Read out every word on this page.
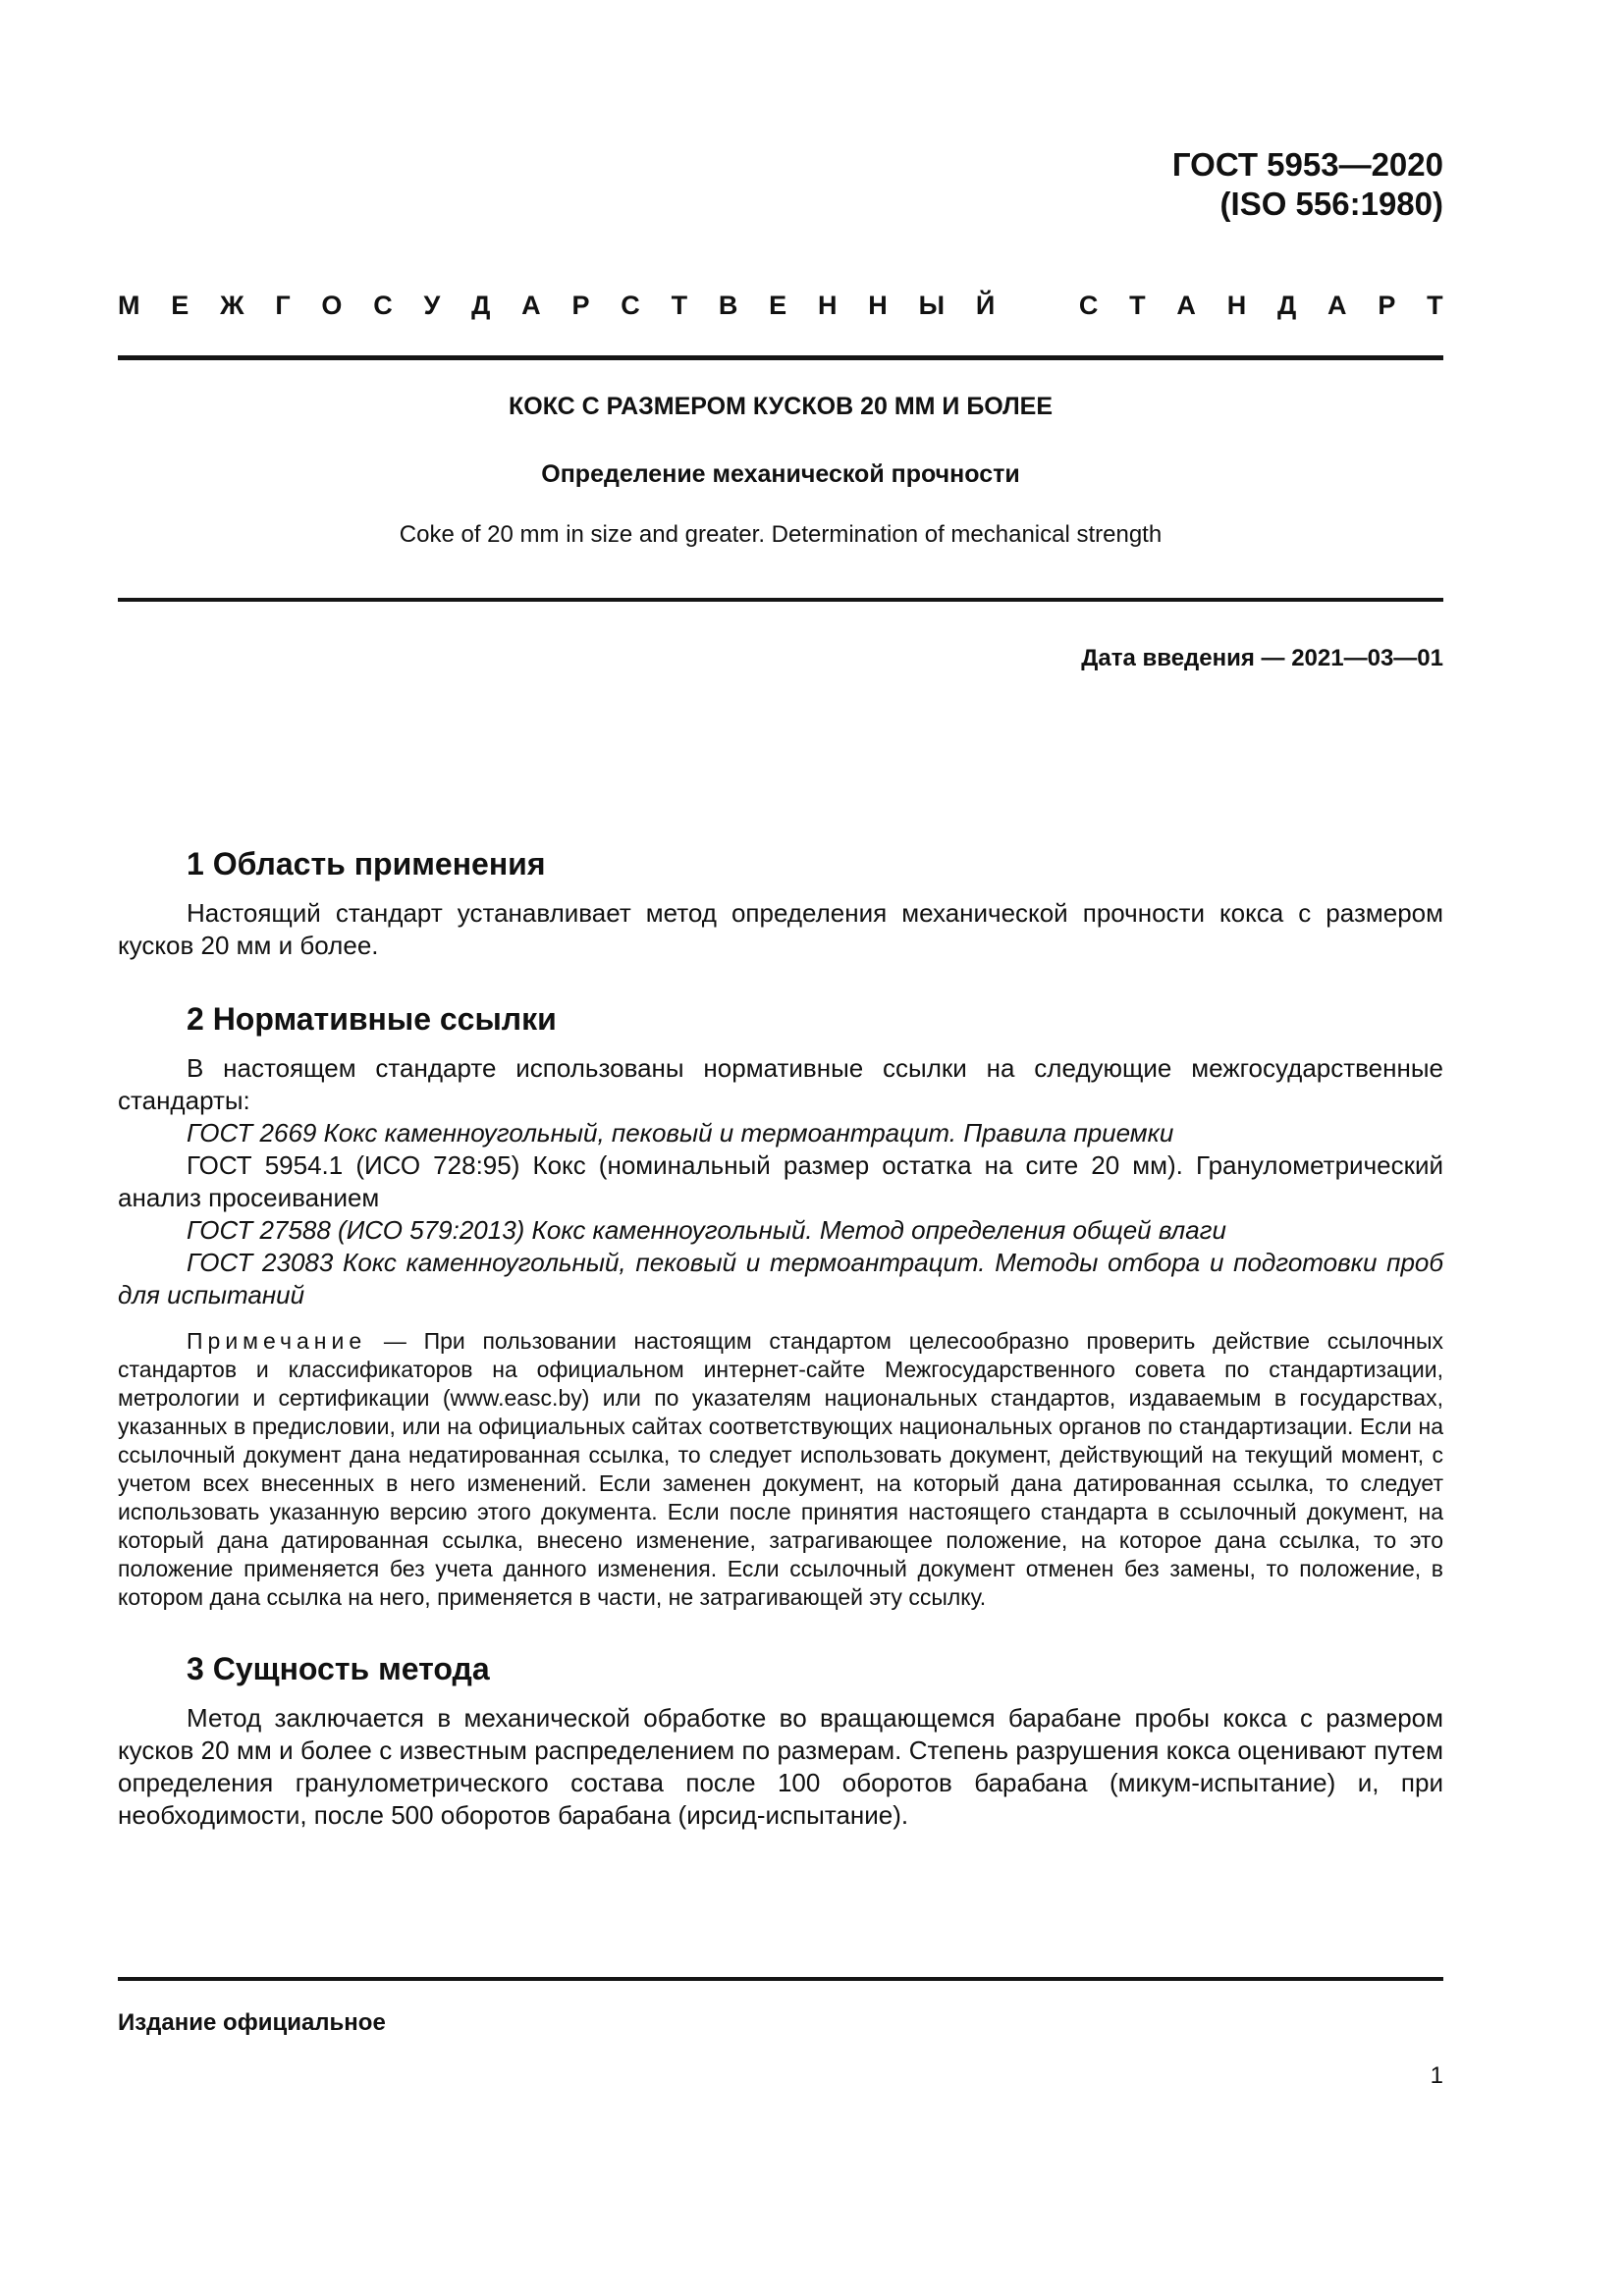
ГОСТ 5953—2020
(ISO 556:1980)
М Е Ж Г О С У Д А Р С Т В Е Н Н Ы Й	С Т А Н Д А Р Т

КОКС С РАЗМЕРОМ КУСКОВ 20 ММ И БОЛЕЕ

Определение механической прочности

Coke of 20 mm in size and greater. Determination of mechanical strength

Дата введения — 2021—03—01

1 Область применения

Настоящий стандарт устанавливает метод определения механической прочности кокса с размером кусков 20 мм и более.

2 Нормативные ссылки

В настоящем стандарте использованы нормативные ссылки на следующие межгосударственные стандарты:

ГОСТ 2669 Кокс каменноугольный, пековый и термоантрацит. Правила приемки

ГОСТ 5954.1 (ИСО 728:95) Кокс (номинальный размер остатка на сите 20 мм). Гранулометрический анализ просеиванием

ГОСТ 27588 (ИСО 579:2013) Кокс каменноугольный. Метод определения общей влаги

ГОСТ 23083 Кокс каменноугольный, пековый и термоантрацит. Методы отбора и подготовки проб для испытаний

Примечание — При пользовании настоящим стандартом целесообразно проверить действие ссылочных стандартов и классификаторов на официальном интернет-сайте Межгосударственного совета по стандартизации, метрологии и сертификации (www.easc.by) или по указателям национальных стандартов, издаваемым в государствах, указанных в предисловии, или на официальных сайтах соответствующих национальных органов по стандартизации. Если на ссылочный документ дана недатированная ссылка, то следует использовать документ, действующий на текущий момент, с учетом всех внесенных в него изменений. Если заменен документ, на который дана датированная ссылка, то следует использовать указанную версию этого документа. Если после принятия настоящего стандарта в ссылочный документ, на который дана датированная ссылка, внесено изменение, затрагивающее положение, на которое дана ссылка, то это положение применяется без учета данного изменения. Если ссылочный документ отменен без замены, то положение, в котором дана ссылка на него, применяется в части, не затрагивающей эту ссылку.

3 Сущность метода

Метод заключается в механической обработке во вращающемся барабане пробы кокса с размером кусков 20 мм и более с известным распределением по размерам. Степень разрушения кокса оценивают путем определения гранулометрического состава после 100 оборотов барабана (микум-испытание) и, при необходимости, после 500 оборотов барабана (ирсид-испытание).

Издание официальное

1
